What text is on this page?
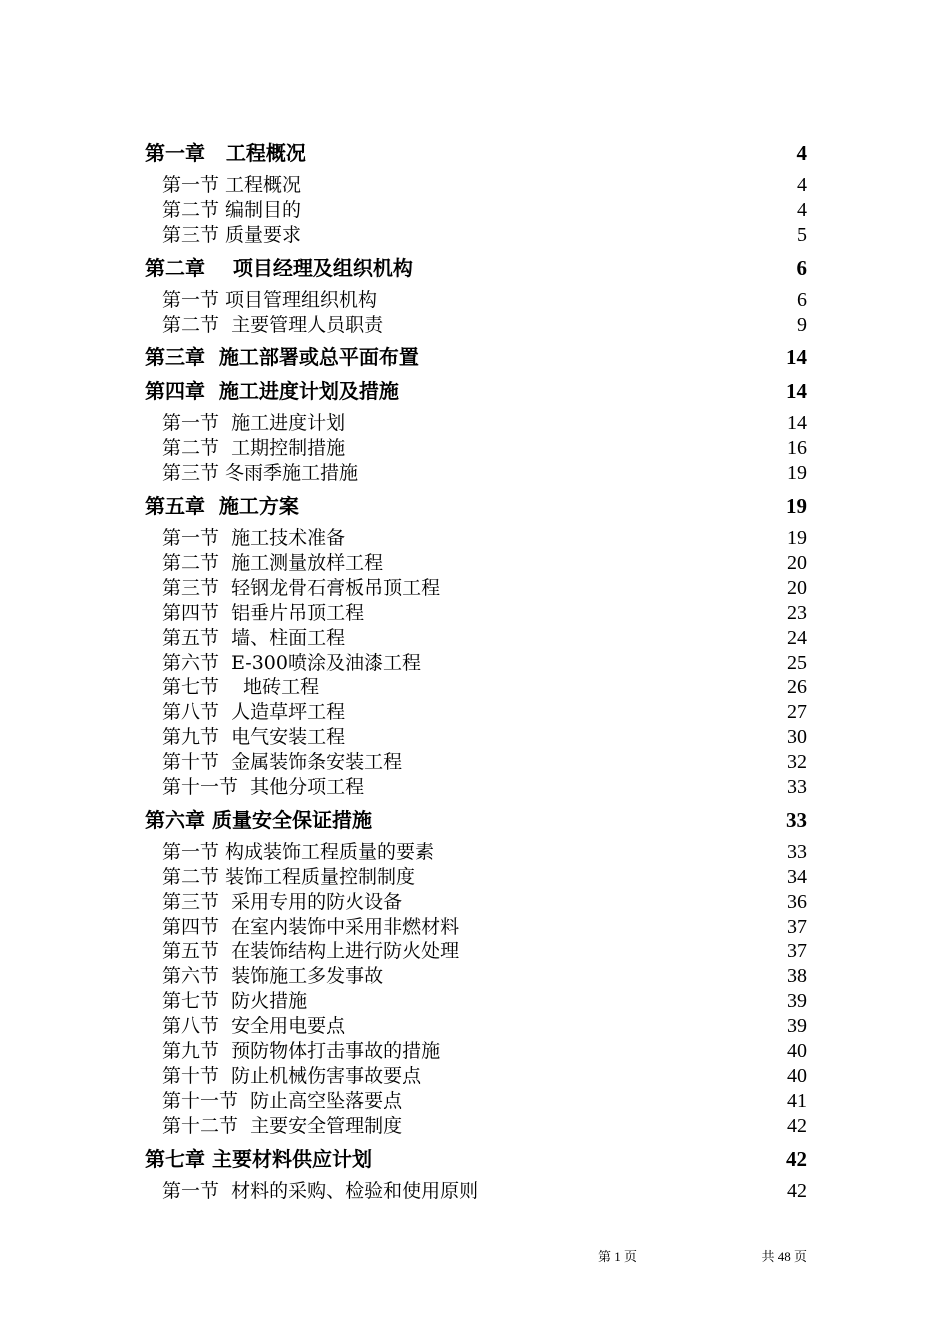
第一章   工程概况	4
第一节 工程概况	4
第二节 编制目的	4
第三节 质量要求	5
第二章    项目经理及组织机构	6
第一节 项目管理组织机构	6
第二节  主要管理人员职责	9
第三章  施工部署或总平面布置	14
第四章  施工进度计划及措施	14
第一节  施工进度计划	14
第二节  工期控制措施	16
第三节 冬雨季施工措施	19
第五章  施工方案	19
第一节  施工技术准备	19
第二节  施工测量放样工程	20
第三节  轻钢龙骨石膏板吊顶工程	20
第四节  铝垂片吊顶工程	23
第五节  墙、柱面工程	24
第六节  E-300喷涂及油漆工程	25
第七节    地砖工程	26
第八节  人造草坪工程	27
第九节  电气安装工程	30
第十节  金属装饰条安装工程	32
第十一节  其他分项工程	33
第六章 质量安全保证措施	33
第一节 构成装饰工程质量的要素	33
第二节 装饰工程质量控制制度	34
第三节  采用专用的防火设备	36
第四节  在室内装饰中采用非燃材料	37
第五节  在装饰结构上进行防火处理	37
第六节  装饰施工多发事故	38
第七节  防火措施	39
第八节  安全用电要点	39
第九节  预防物体打击事故的措施	40
第十节  防止机械伤害事故要点	40
第十一节  防止高空坠落要点	41
第十二节  主要安全管理制度	42
第七章 主要材料供应计划	42
第一节  材料的采购、检验和使用原则	42
第 1 页	共 48 页
